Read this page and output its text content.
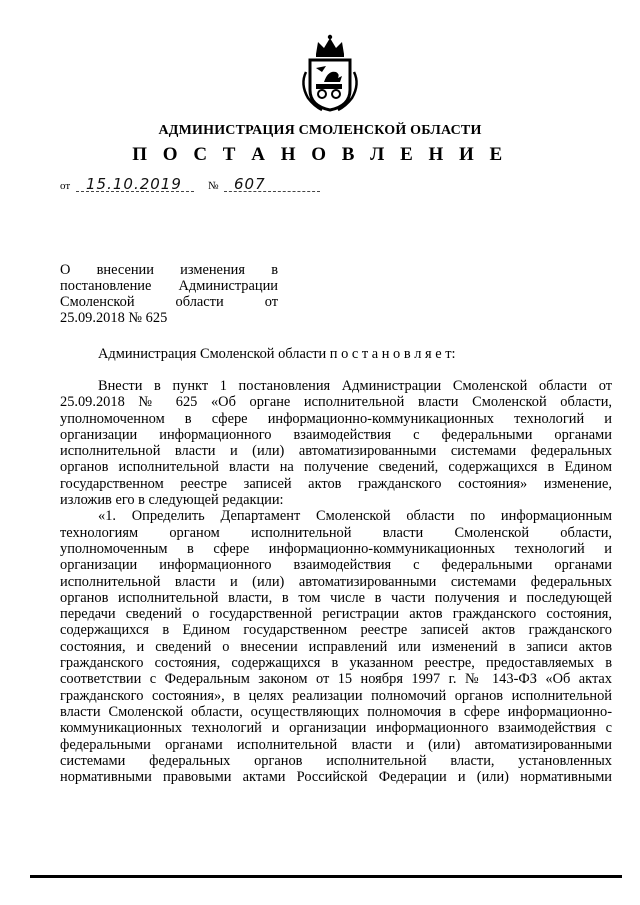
АДМИНИСТРАЦИЯ СМОЛЕНСКОЙ ОБЛАСТИ
П О С Т А Н О В Л Е Н И Е
от 15.10.2019 № 607
О внесении изменения в
постановление Администрации
Смоленской области от
25.09.2018 № 625
Администрация Смоленской области п о с т а н о в л я е т:
Внести в пункт 1 постановления Администрации Смоленской области от
25.09.2018 № 625 «Об органе исполнительной власти Смоленской области,
уполномоченном в сфере информационно-коммуникационных технологий и
организации информационного взаимодействия с федеральными органами
исполнительной власти и (или) автоматизированными системами федеральных
органов исполнительной власти на получение сведений, содержащихся в Едином
государственном реестре записей актов гражданского состояния» изменение,
изложив его в следующей редакции:
«1. Определить Департамент Смоленской области по информационным
технологиям органом исполнительной власти Смоленской области,
уполномоченным в сфере информационно-коммуникационных технологий и
организации информационного взаимодействия с федеральными органами
исполнительной власти и (или) автоматизированными системами федеральных
органов исполнительной власти, в том числе в части получения и последующей
передачи сведений о государственной регистрации актов гражданского состояния,
содержащихся в Едином государственном реестре записей актов гражданского
состояния, и сведений о внесении исправлений или изменений в записи актов
гражданского состояния, содержащихся в указанном реестре, предоставляемых в
соответствии с Федеральным законом от 15 ноября 1997 г. № 143-ФЗ «Об актах
гражданского состояния», в целях реализации полномочий органов исполнительной
власти Смоленской области, осуществляющих полномочия в сфере информационно-
коммуникационных технологий и организации информационного взаимодействия с
федеральными органами исполнительной власти и (или) автоматизированными
системами федеральных органов исполнительной власти, установленных
нормативными правовыми актами Российской Федерации и (или) нормативными
